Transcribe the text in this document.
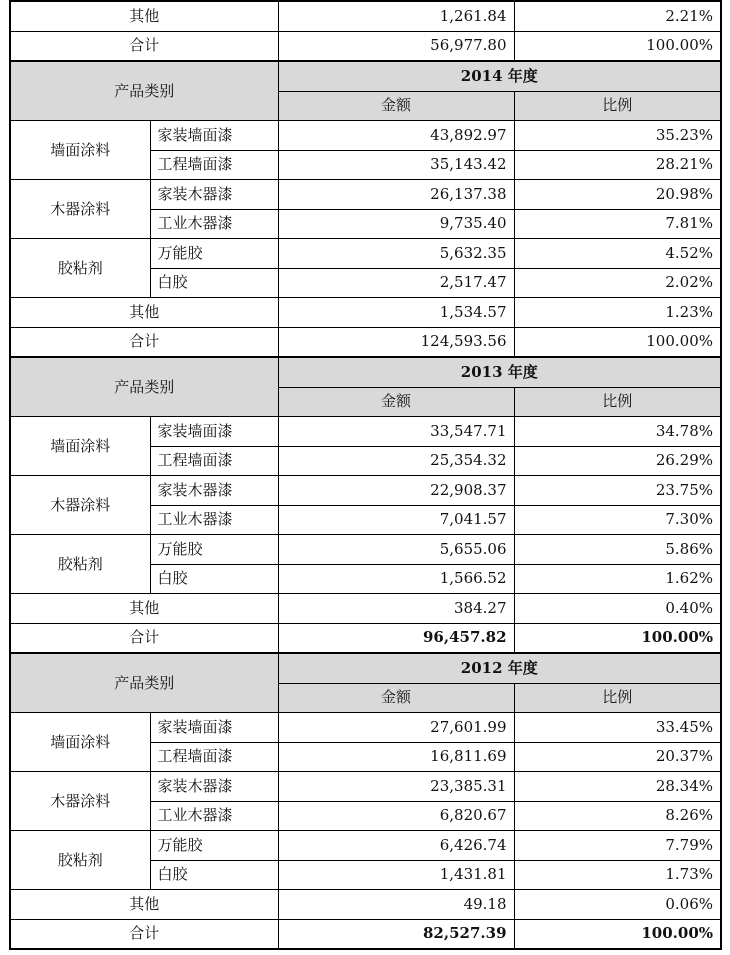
其他		1,261.84	2.21%
合计		56,977.80	100.00%
产品类别		2014 年度	
		金额	比例
墙面涂料	家装墙面漆	43,892.97	35.23%
	工程墙面漆	35,143.42	28.21%
木器涂料	家装木器漆	26,137.38	20.98%
	工业木器漆	9,735.40	7.81%
胶粘剂	万能胶	5,632.35	4.52%
	白胶	2,517.47	2.02%
其他		1,534.57	1.23%
合计		124,593.56	100.00%
产品类别		2013 年度	
		金额	比例
墙面涂料	家装墙面漆	33,547.71	34.78%
	工程墙面漆	25,354.32	26.29%
木器涂料	家装木器漆	22,908.37	23.75%
	工业木器漆	7,041.57	7.30%
胶粘剂	万能胶	5,655.06	5.86%
	白胶	1,566.52	1.62%
其他		384.27	0.40%
合计		96,457.82	100.00%
产品类别		2012 年度	
		金额	比例
墙面涂料	家装墙面漆	27,601.99	33.45%
	工程墙面漆	16,811.69	20.37%
木器涂料	家装木器漆	23,385.31	28.34%
	工业木器漆	6,820.67	8.26%
胶粘剂	万能胶	6,426.74	7.79%
	白胶	1,431.81	1.73%
其他		49.18	0.06%
合计		82,527.39	100.00%
